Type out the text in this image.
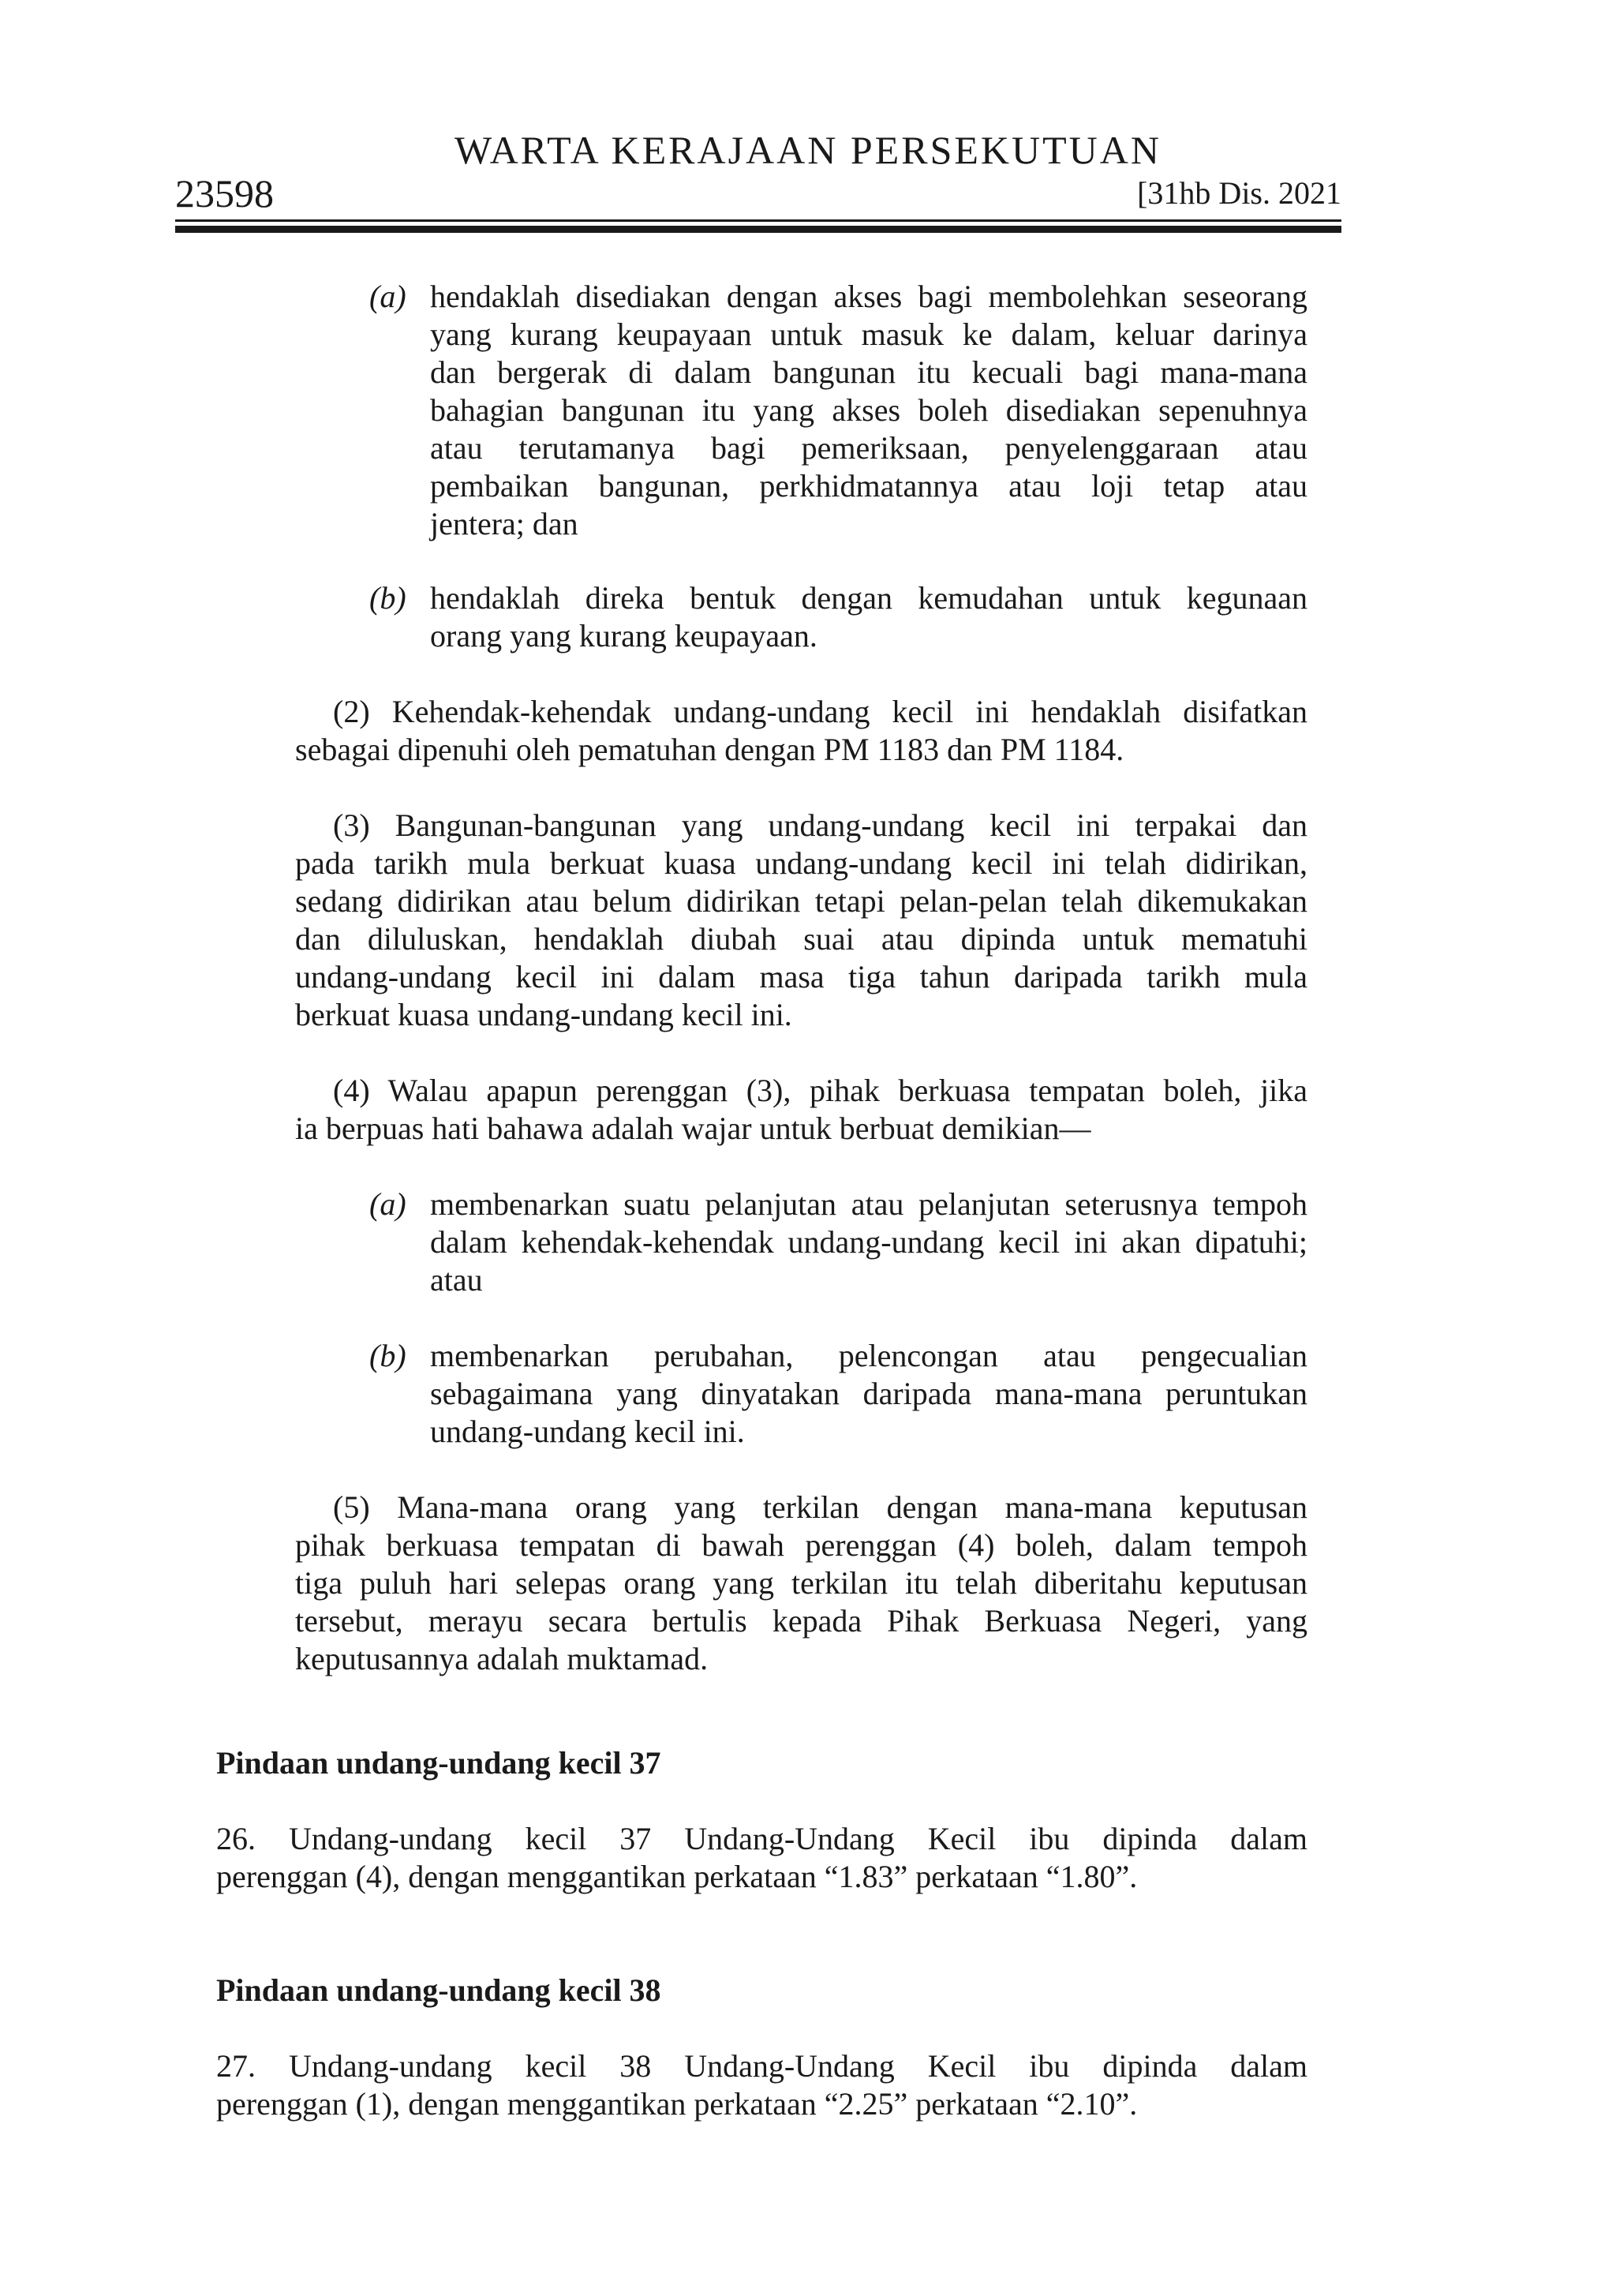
WARTA KERAJAAN PERSEKUTUAN
23598	[31hb Dis. 2021
(a) hendaklah disediakan dengan akses bagi membolehkan seseorang
yang kurang keupayaan untuk masuk ke dalam, keluar darinya
dan bergerak di dalam bangunan itu kecuali bagi mana-mana
bahagian bangunan itu yang akses boleh disediakan sepenuhnya
atau terutamanya bagi pemeriksaan, penyelenggaraan atau
pembaikan bangunan, perkhidmatannya atau loji tetap atau
jentera; dan
(b) hendaklah direka bentuk dengan kemudahan untuk kegunaan
orang yang kurang keupayaan.
(2) Kehendak-kehendak undang-undang kecil ini hendaklah disifatkan
sebagai dipenuhi oleh pematuhan dengan PM 1183 dan PM 1184.
(3) Bangunan-bangunan yang undang-undang kecil ini terpakai dan
pada tarikh mula berkuat kuasa undang-undang kecil ini telah didirikan,
sedang didirikan atau belum didirikan tetapi pelan-pelan telah dikemukakan
dan diluluskan, hendaklah diubah suai atau dipinda untuk mematuhi
undang-undang kecil ini dalam masa tiga tahun daripada tarikh mula
berkuat kuasa undang-undang kecil ini.
(4) Walau apapun perenggan (3), pihak berkuasa tempatan boleh, jika
ia berpuas hati bahawa adalah wajar untuk berbuat demikian—
(a) membenarkan suatu pelanjutan atau pelanjutan seterusnya tempoh
dalam kehendak-kehendak undang-undang kecil ini akan dipatuhi;
atau
(b) membenarkan perubahan, pelencongan atau pengecualian
sebagaimana yang dinyatakan daripada mana-mana peruntukan
undang-undang kecil ini.
(5) Mana-mana orang yang terkilan dengan mana-mana keputusan
pihak berkuasa tempatan di bawah perenggan (4) boleh, dalam tempoh
tiga puluh hari selepas orang yang terkilan itu telah diberitahu keputusan
tersebut, merayu secara bertulis kepada Pihak Berkuasa Negeri, yang
keputusannya adalah muktamad.
Pindaan undang-undang kecil 37
26. Undang-undang kecil 37 Undang-Undang Kecil ibu dipinda dalam
perenggan (4), dengan menggantikan perkataan “1.83” perkataan “1.80”.
Pindaan undang-undang kecil 38
27. Undang-undang kecil 38 Undang-Undang Kecil ibu dipinda dalam
perenggan (1), dengan menggantikan perkataan “2.25” perkataan “2.10”.
